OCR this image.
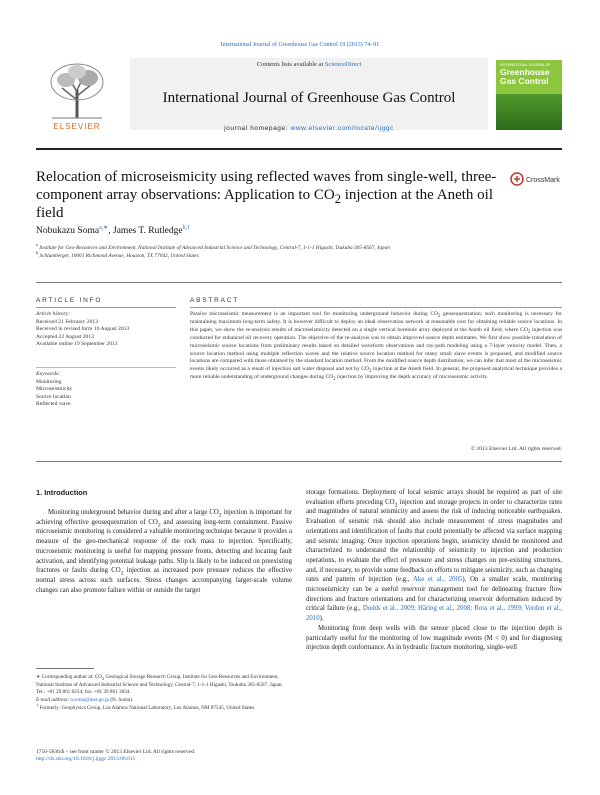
International Journal of Greenhouse Gas Control 19 (2013) 74–91
ELSEVIER
Contents lists available at ScienceDirect
International Journal of Greenhouse Gas Control
journal homepage: www.elsevier.com/locate/ijggc
INTERNATIONAL JOURNAL OF
Greenhouse Gas Control
Relocation of microseismicity using reflected waves from single-well, three-component array observations: Application to $CO_2$ injection at the Aneth oil field
CrossMark
Nobukazu Soma$^{a,∗}$, James T. Rutledge$^{b,1}$
$^a$ Institute for Geo-Resources and Environment, National Institute of Advanced Industrial Science and Technology, Central-7, 1-1-1 Higashi, Tsukuba 305-8567, Japan
$^b$ Schlumberger, 10001 Richmond Avenue, Houston, TX 77042, United States
ARTICLE INFO	ABSTRACT
Article history:
Received 21 February 2013
Received in revised form 16 August 2013
Accepted 22 August 2013
Available online 19 September 2013
Keywords:
Monitoring
Microseismicity
Source location
Reflected wave
Passive microseismic measurement is an important tool for monitoring underground behavior during $CO_2$ geosequestration; such monitoring is necessary for maintaining maximum long-term safety. It is however difficult to deploy an ideal observation network at reasonable cost for obtaining reliable source locations. In this paper, we show the re-analysis results of microseismicity detected on a single vertical borehole array deployed at the Aneth oil field, where $CO_2$ injection was conducted for enhanced oil recovery operation. The objective of the re-analysis was to obtain improved source depth estimates. We first show possible translation of microseismic source locations from preliminary results based on detailed waveform observations and ray-path modeling using a 7-layer velocity model. Then, a source location method using multiple reflection waves and the relative source location method for many small slave events is proposed, and modified source locations are compared with those obtained by the standard location method. From the modified source depth distribution, we can infer that most of the microseismic events likely occurred as a result of injection salt water disposal and not by $CO_2$ injection at the Aneth field. In general, the proposed analytical technique provides a more reliable understanding of underground changes during $CO_2$ injection by improving the depth accuracy of microseismic activity.
© 2013 Elsevier Ltd. All rights reserved.
1. Introduction
Monitoring underground behavior during and after a large $CO_2$ injection is important for achieving effective geosequestration of $CO_2$ and assessing long-term containment. Passive microseismic monitoring is considered a valuable monitoring technique because it provides a measure of the geo-mechanical response of the rock mass to injection. Specifically, microseismic monitoring is useful for mapping pressure fronts, detecting and locating fault activation, and identifying potential leakage paths. Slip is likely to be induced on preexisting fractures or faults during $CO_2$ injection as increased pore pressure reduces the effective normal stress across such surfaces. Stress changes accompanying larger-scale volume changes can also promote failure within or outside the target
storage formations. Deployment of local seismic arrays should be required as part of site evaluation efforts preceding $CO_2$ injection and storage projects in order to characterize rates and magnitudes of natural seismicity and assess the risk of inducing noticeable earthquakes. Evaluation of seismic risk should also include measurement of stress magnitudes and orientations and identification of faults that could potentially be affected via surface mapping and seismic imaging. Once injection operations begin, seismicity should be monitored and characterized to understand the relationship of seismicity to injection and production operations, to evaluate the effect of pressure and stress changes on pre-existing structures, and, if necessary, to provide some feedback on efforts to mitigate seismicity, such as changing rates and pattern of injection (e.g., Ake et al., 2005). On a smaller scale, monitoring microseismicity can be a useful reservoir management tool for delineating fracture flow directions and fracture orientations and for characterizing reservoir deformation induced by critical failure (e.g., Dodds et al., 2009; Häring et al., 2008; Ross et al., 1999; Verdon et al., 2010).
Monitoring from deep wells with the sensor placed close to the injection depth is particularly useful for the monitoring of low magnitude events (M < 0) and for diagnosing injection depth conformance. As in hydraulic fracture monitoring, single-well
∗ Corresponding author at: $CO_2$ Geological Storage Research Group, Institute for Geo-Resources and Environment, National Institute of Advanced Industrial Science and Technology, Central-7, 1-1-1 Higashi, Tsukuba 305-8567, Japan. Tel.: +81 29 861 8254; fax: +81 29 861 3834.
E-mail address: n.soma@aist.go.jp (N. Soma).
$^1$ Formerly: Geophysics Group, Los Alamos National Laboratory, Los Alamos, NM 87545, United States.
1750-5836/$ – see front matter © 2013 Elsevier Ltd. All rights reserved.
http://dx.doi.org/10.1016/j.ijggc.2013.08.015
